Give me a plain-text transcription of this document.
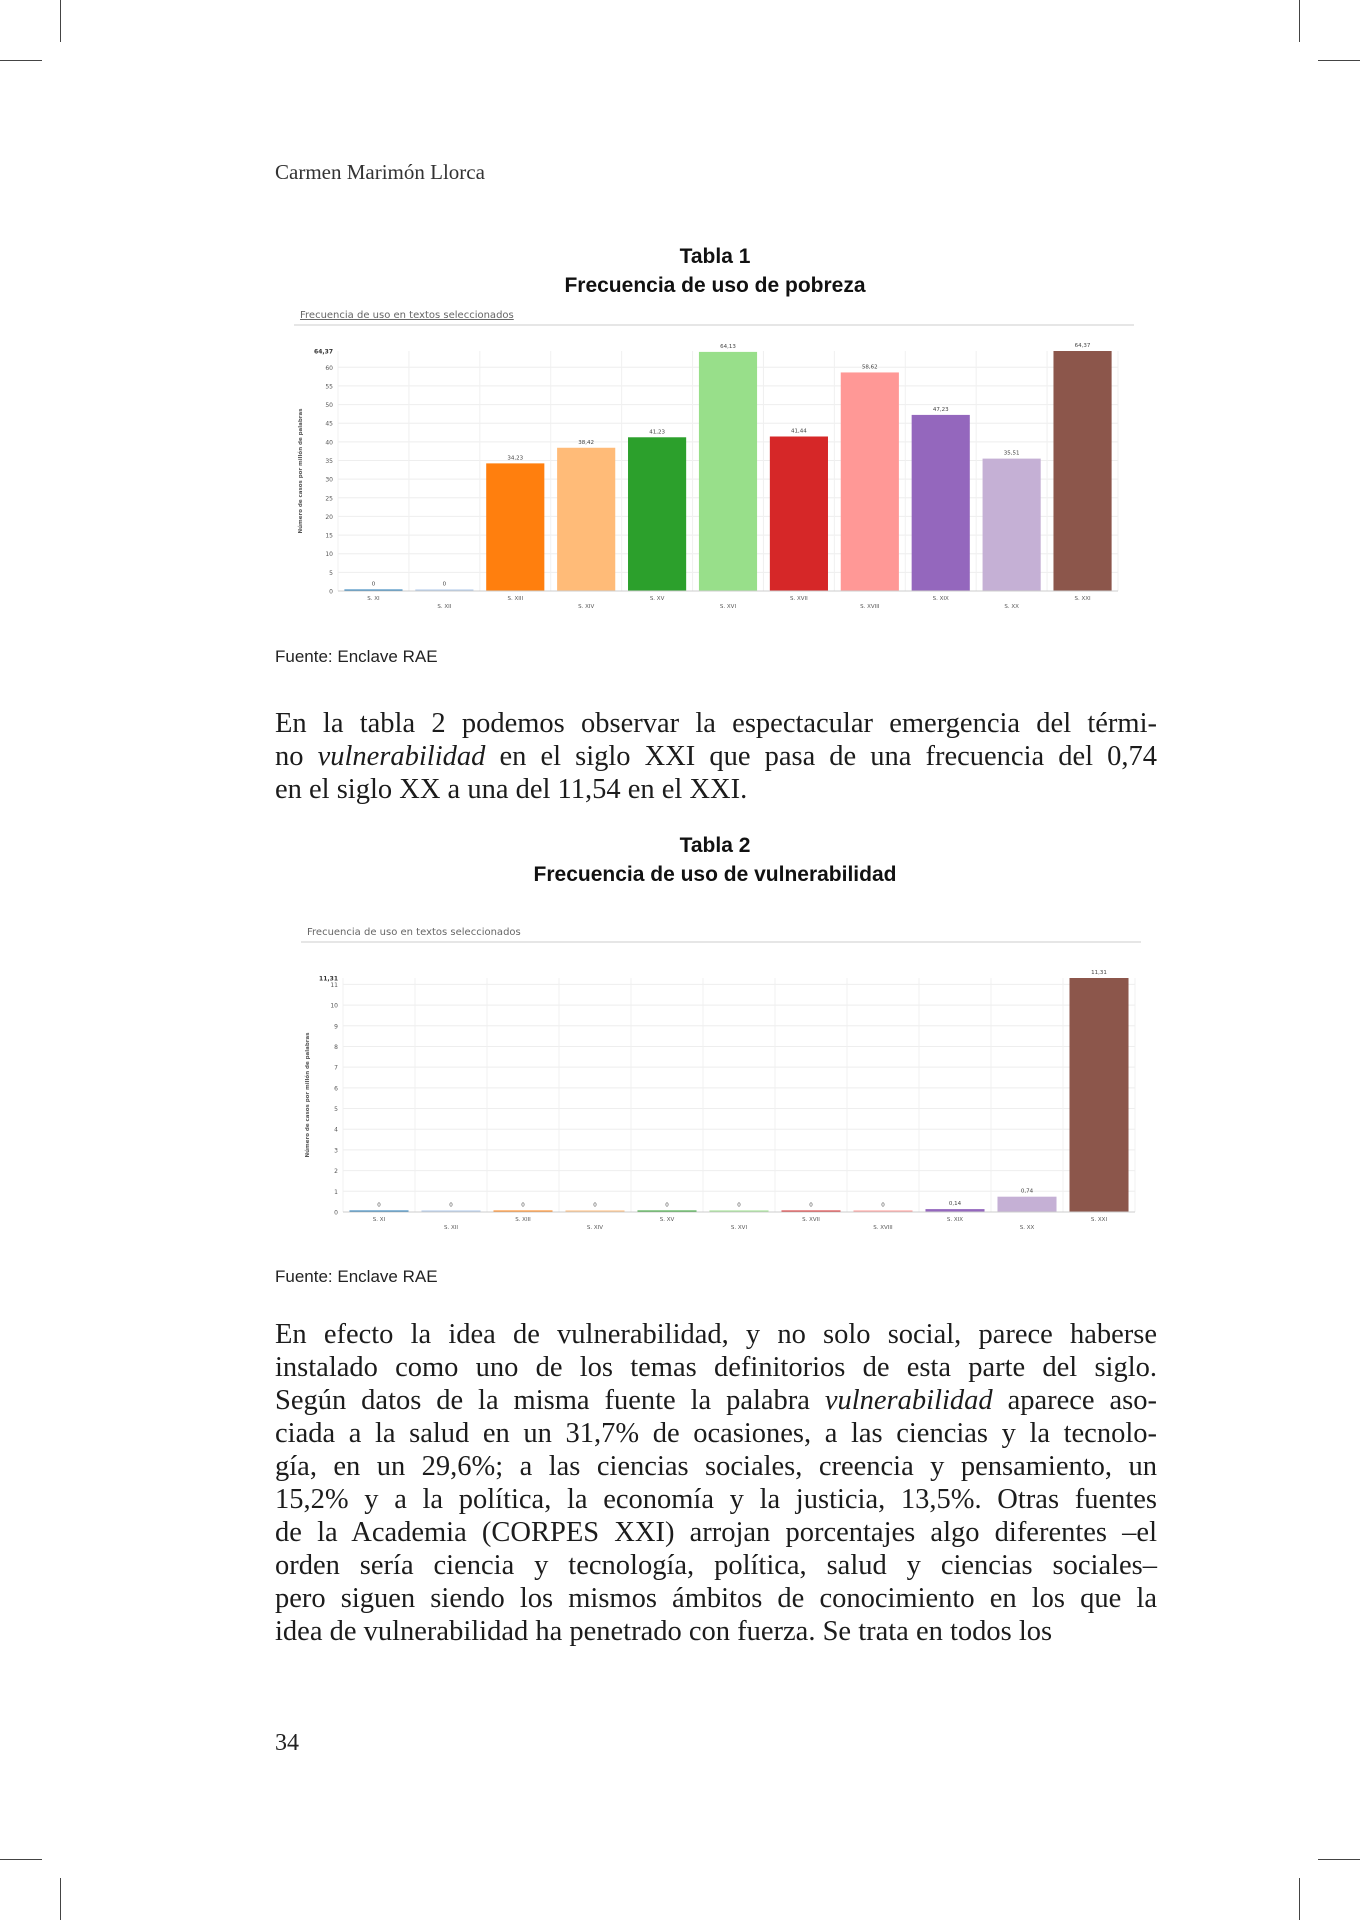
Carmen Marimón Llorca
Tabla 1
Frecuencia de uso de pobreza
Frecuencia de uso en textos seleccionados
0
5
10
15
20
25
30
35
40
45
50
55
60
64,37
Número de casos por millón de palabras
0
S. XI
0
S. XII
34,23
S. XIII
38,42
S. XIV
41,23
S. XV
64,13
S. XVI
41,44
S. XVII
58,62
S. XVIII
47,23
S. XIX
35,51
S. XX
64,37
S. XXI
Fuente: Enclave RAE
En la tabla 2 podemos observar la espectacular emergencia del térmi-
no vulnerabilidad en el siglo XXI que pasa de una frecuencia del 0,74
en el siglo XX a una del 11,54 en el XXI.
Tabla 2
Frecuencia de uso de vulnerabilidad
Frecuencia de uso en textos seleccionados
0
1
2
3
4
5
6
7
8
9
10
11
11,31
Número de casos por millón de palabras
0
S. XI
0
S. XII
0
S. XIII
0
S. XIV
0
S. XV
0
S. XVI
0
S. XVII
0
S. XVIII
0,14
S. XIX
0,74
S. XX
11,31
S. XXI
Fuente: Enclave RAE
En efecto la idea de vulnerabilidad, y no solo social, parece haberse
instalado como uno de los temas definitorios de esta parte del siglo.
Según datos de la misma fuente la palabra vulnerabilidad aparece aso-
ciada a la salud en un 31,7% de ocasiones, a las ciencias y la tecnolo-
gía, en un 29,6%; a las ciencias sociales, creencia y pensamiento, un
15,2% y a la política, la economía y la justicia, 13,5%. Otras fuentes
de la Academia (CORPES XXI) arrojan porcentajes algo diferentes –el
orden sería ciencia y tecnología, política, salud y ciencias sociales–
pero siguen siendo los mismos ámbitos de conocimiento en los que la
idea de vulnerabilidad ha penetrado con fuerza. Se trata en todos los
34
